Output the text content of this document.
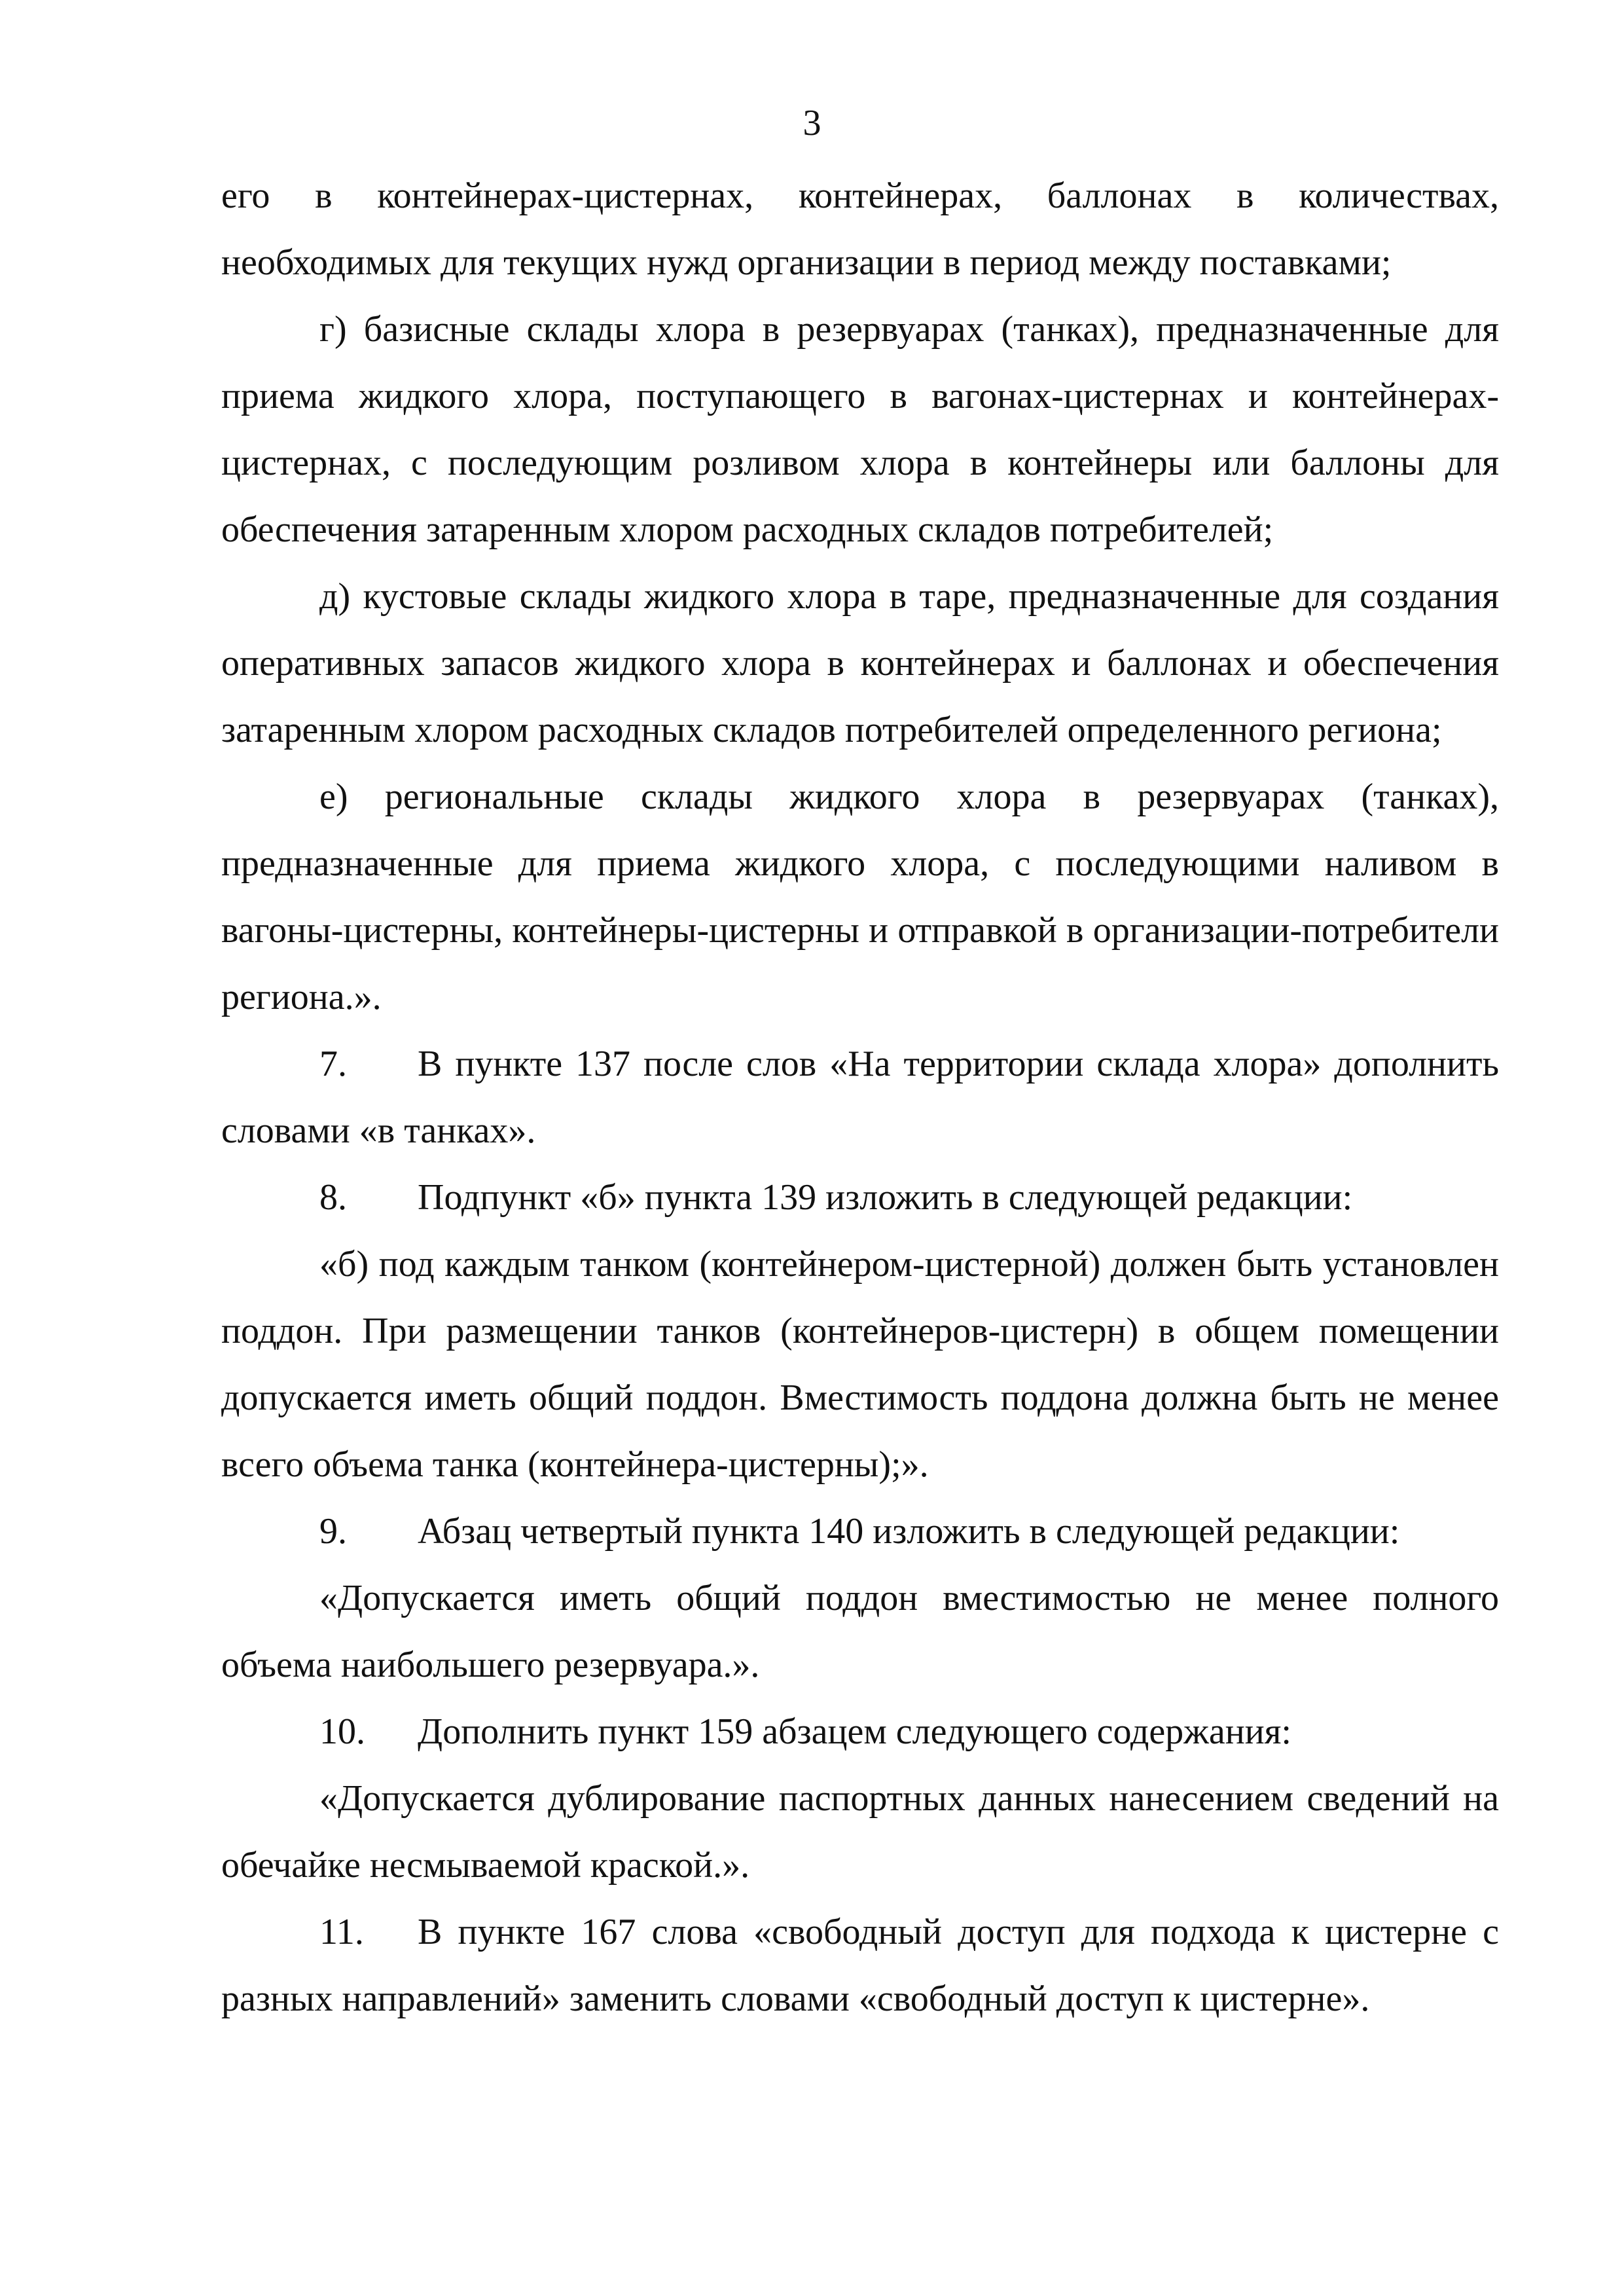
3

его в контейнерах-цистернах, контейнерах, баллонах в количествах, необходимых для текущих нужд организации в период между поставками;

г) базисные склады хлора в резервуарах (танках), предназначенные для приема жидкого хлора, поступающего в вагонах-цистернах и контейнерах-цистернах, с последующим розливом хлора в контейнеры или баллоны для обеспечения затаренным хлором расходных складов потребителей;

д) кустовые склады жидкого хлора в таре, предназначенные для создания оперативных запасов жидкого хлора в контейнерах и баллонах и обеспечения затаренным хлором расходных складов потребителей определенного региона;

е) региональные склады жидкого хлора в резервуарах (танках), предназначенные для приема жидкого хлора, с последующими наливом в вагоны-цистерны, контейнеры-цистерны и отправкой в организации-потребители региона.».

7. В пункте 137 после слов «На территории склада хлора» дополнить словами «в танках».

8. Подпункт «б» пункта 139 изложить в следующей редакции:

«б) под каждым танком (контейнером-цистерной) должен быть установлен поддон. При размещении танков (контейнеров-цистерн) в общем помещении допускается иметь общий поддон. Вместимость поддона должна быть не менее всего объема танка (контейнера-цистерны);».

9. Абзац четвертый пункта 140 изложить в следующей редакции:

«Допускается иметь общий поддон вместимостью не менее полного объема наибольшего резервуара.».

10. Дополнить пункт 159 абзацем следующего содержания:

«Допускается дублирование паспортных данных нанесением сведений на обечайке несмываемой краской.».

11. В пункте 167 слова «свободный доступ для подхода к цистерне с разных направлений» заменить словами «свободный доступ к цистерне».
